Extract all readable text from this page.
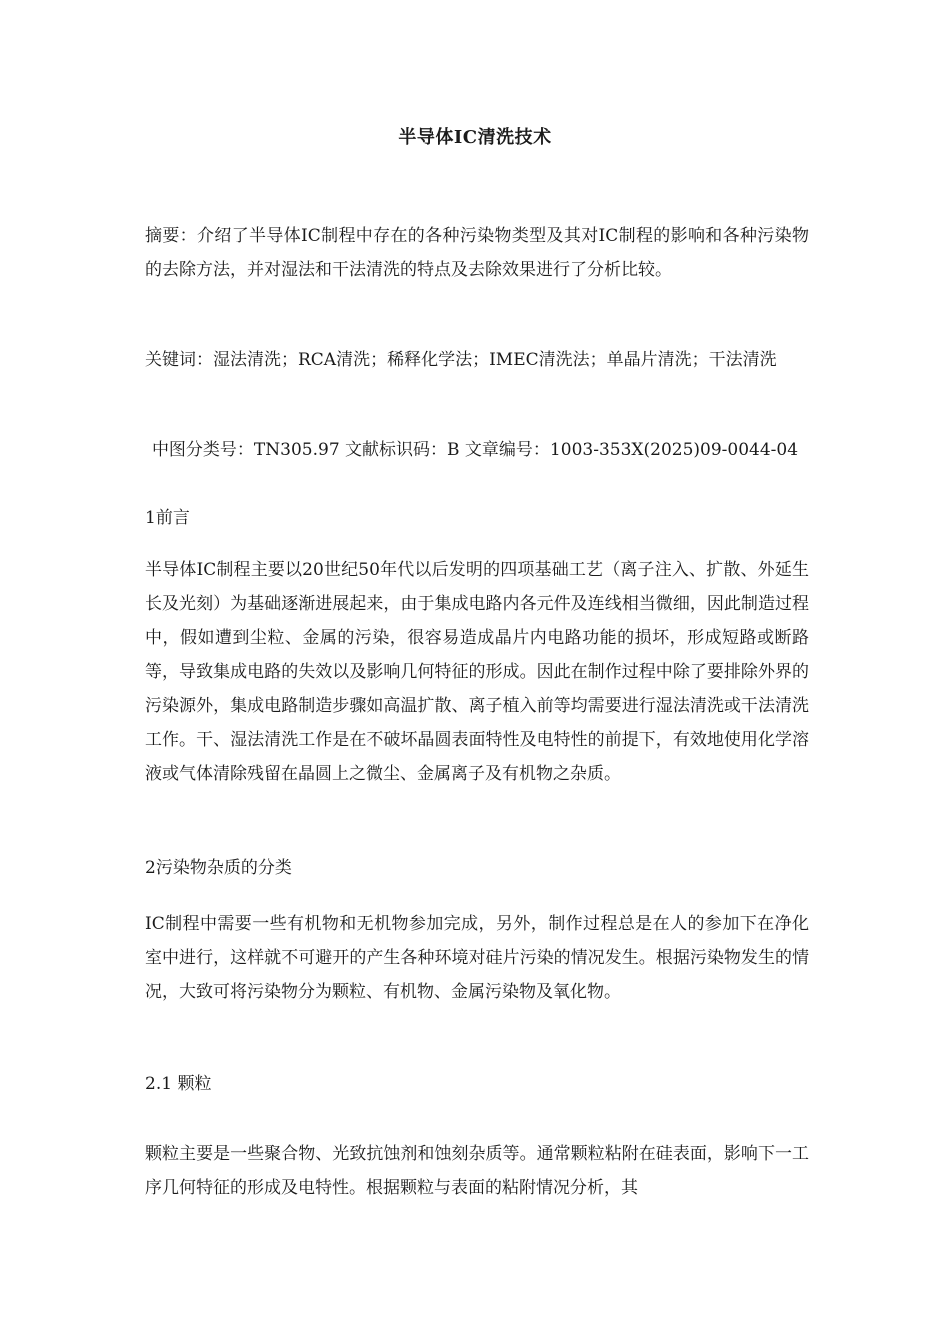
半导体IC清洗技术
摘要：介绍了半导体IC制程中存在的各种污染物类型及其对IC制程的影响和各种污染物的去除方法，并对湿法和干法清洗的特点及去除效果进行了分析比较。
关键词：湿法清洗；RCA清洗；稀释化学法；IMEC清洗法；单晶片清洗；干法清洗
中图分类号：TN305.97 文献标识码：B 文章编号：1003-353X(2025)09-0044-04
1前言
半导体IC制程主要以20世纪50年代以后发明的四项基础工艺（离子注入、扩散、外延生长及光刻）为基础逐渐进展起来，由于集成电路内各元件及连线相当微细，因此制造过程中，假如遭到尘粒、金属的污染，很容易造成晶片内电路功能的损坏，形成短路或断路等，导致集成电路的失效以及影响几何特征的形成。因此在制作过程中除了要排除外界的污染源外，集成电路制造步骤如高温扩散、离子植入前等均需要进行湿法清洗或干法清洗工作。干、湿法清洗工作是在不破坏晶圆表面特性及电特性的前提下，有效地使用化学溶液或气体清除残留在晶圆上之微尘、金属离子及有机物之杂质。
2污染物杂质的分类
IC制程中需要一些有机物和无机物参加完成，另外，制作过程总是在人的参加下在净化室中进行，这样就不可避开的产生各种环境对硅片污染的情况发生。根据污染物发生的情况，大致可将污染物分为颗粒、有机物、金属污染物及氧化物。
2.1 颗粒
颗粒主要是一些聚合物、光致抗蚀剂和蚀刻杂质等。通常颗粒粘附在硅表面，影响下一工序几何特征的形成及电特性。根据颗粒与表面的粘附情况分析，其
